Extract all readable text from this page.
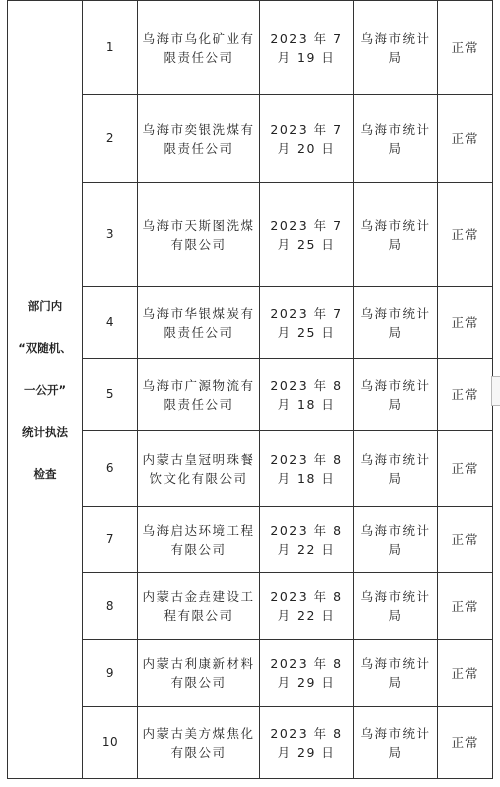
部门内
“双随机、
一公开”
统计执法
检查	1	乌海市乌化矿业有限责任公司	2023 年 7 月 19 日	乌海市统计局	正常
	2	乌海市奕银洗煤有限责任公司	2023 年 7 月 20 日	乌海市统计局	正常
	3	乌海市天斯图洗煤有限公司	2023 年 7 月 25 日	乌海市统计局	正常
	4	乌海市华银煤炭有限责任公司	2023 年 7 月 25 日	乌海市统计局	正常
	5	乌海市广源物流有限责任公司	2023 年 8 月 18 日	乌海市统计局	正常
	6	内蒙古皇冠明珠餐饮文化有限公司	2023 年 8 月 18 日	乌海市统计局	正常
	7	乌海启达环境工程有限公司	2023 年 8 月 22 日	乌海市统计局	正常
	8	内蒙古金垚建设工程有限公司	2023 年 8 月 22 日	乌海市统计局	正常
	9	内蒙古利康新材料有限公司	2023 年 8 月 29 日	乌海市统计局	正常
	10	内蒙古美方煤焦化有限公司	2023 年 8 月 29 日	乌海市统计局	正常
